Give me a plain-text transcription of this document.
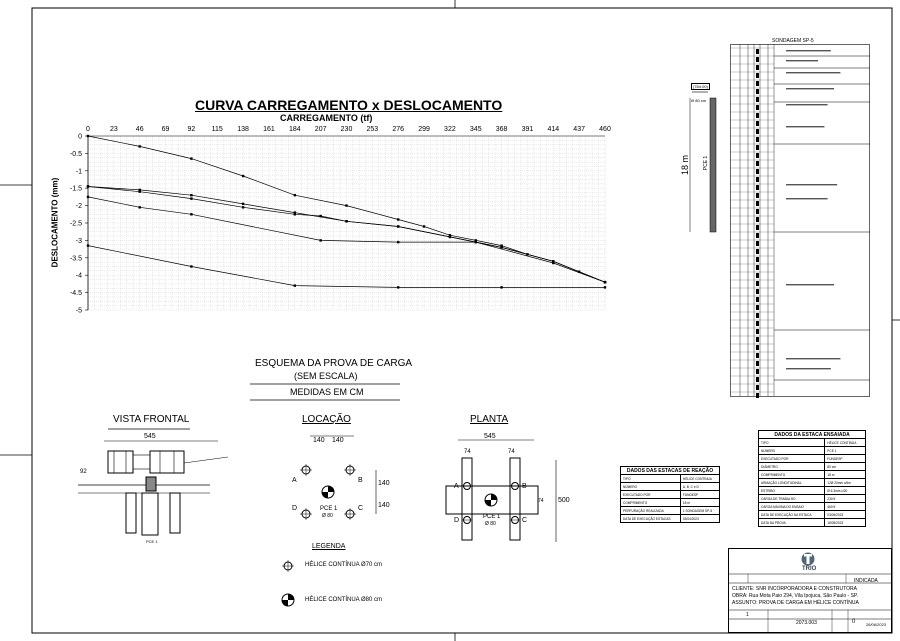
CURVA CARREGAMENTO x DESLOCAMENTO
CARREGAMENTO (tf)
DESLOCAMENTO (mm)
0	23	46	69	92 115 138 161 184 207 230 253 276 299 322 345 368 391 414 437 460
0
-0.5
-1
-1.5
-2
-2.5
-3
-3.5
-4
-4.5
-5
ESQUEMA DA PROVA DE CARGA
(SEM ESCALA)
MEDIDAS EM CM
VISTA FRONTAL
92
PCE 1
545
LOCAÇÃO
140 140
140
140
A	B
C
D	PCE 1
Ø 80
PLANTA
545
74	74
500
74
A	B
C
D	PCE 1
Ø 80
LEGENDA
HÉLICE CONTÍNUA Ø70 cm
HÉLICE CONTÍNUA Ø80 cm
DADOS DAS ESTACAS DE REAÇÃO	
TIPO	HÉLICE CONTÍNUA
NÚMERO	A, B, C e D
EXECUTADO POR	FUNDESP
COMPRIMENTO	18 m
PERFURAÇÃO REALIZADA	1 SONDAGEM SP-5
DATA DE EXECUÇÃO ESTACAS	03/04/2023
DADOS DA ESTACA ENSAIADA	
TIPO	HÉLICE CONTÍNUA
NÚMERO	PCE 1
EXECUTADO POR	FUNDESP
DIÂMETRO	80 cm
COMPRIMENTO	18 m
ARMAÇÃO LONGITUDINAL	12Ø 20mm c/6m
ESTRIBO	Ø 6.3mm c/20
CARGA DE TRABALHO	230 tf
CARGA MÁXIMA DO ENSAIO	460 tf
DATA DE EXECUÇÃO DA ESTACA	03/04/2023
DATA DA PROVA	18/05/2023
SONDAGEM SP-5
(784,00)
Ø 80 cm
18 m	PCE 1
TRIO
INDICADA
CLIENTE: SNR INCORPORADORA E CONSTRUTORA
OBRA: Rua Mota Paio 294, Vila Ipojuca, São Paulo - SP.
ASSUNTO: PROVA DE CARGA EM HÉLICE CONTÍNUA
1
2073.003	0	26/06/2023
